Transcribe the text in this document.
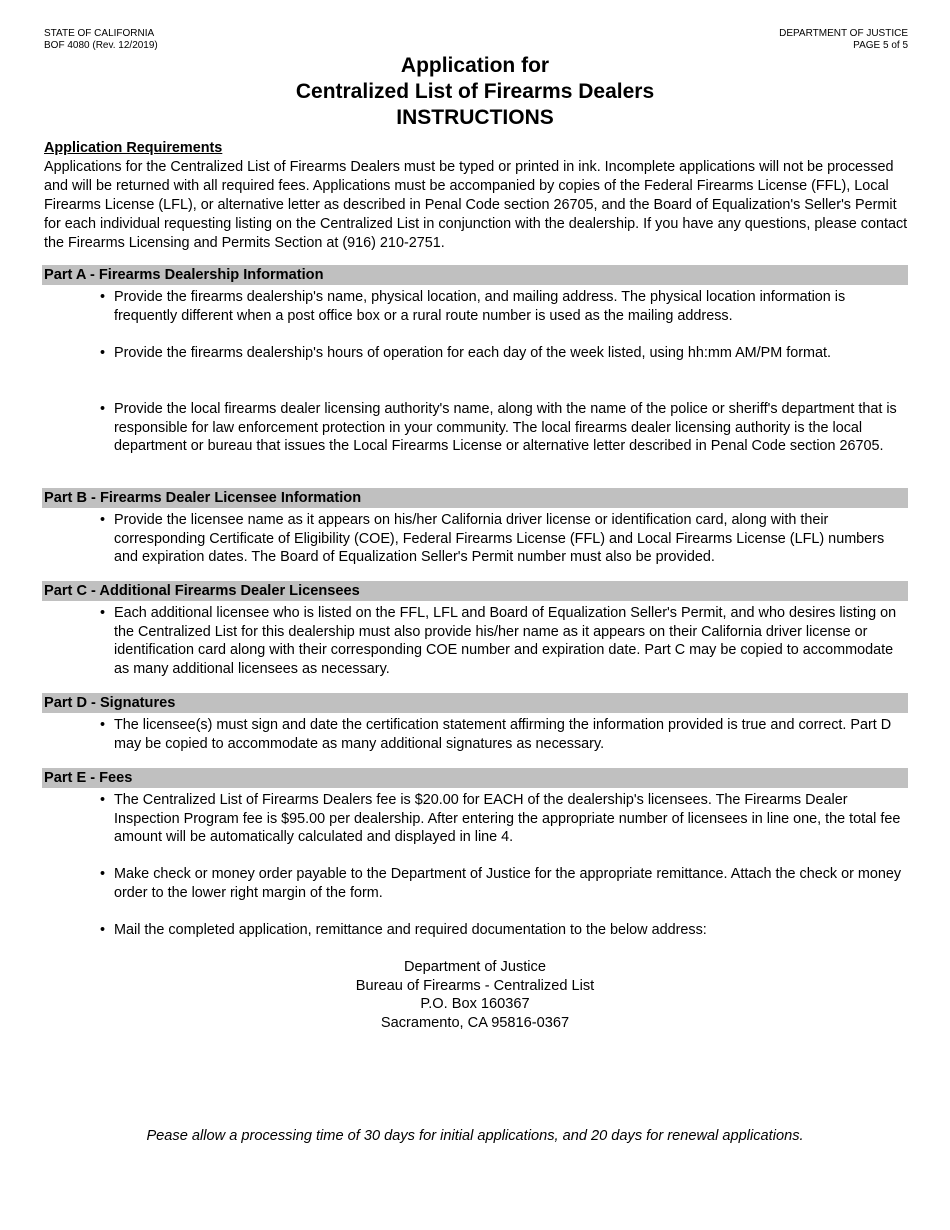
STATE OF CALIFORNIA
BOF 4080 (Rev. 12/2019)
DEPARTMENT OF JUSTICE
PAGE 5 of 5
Application for
Centralized List of Firearms Dealers
INSTRUCTIONS
Application Requirements
Applications for the Centralized List of Firearms Dealers must be typed or printed in ink. Incomplete applications will not be processed and will be returned with all required fees. Applications must be accompanied by copies of the Federal Firearms License (FFL), Local Firearms License (LFL), or alternative letter as described in Penal Code section 26705, and the Board of Equalization's Seller's Permit for each individual requesting listing on the Centralized List in conjunction with the dealership. If you have any questions, please contact the Firearms Licensing and Permits Section at (916) 210-2751.
Part A - Firearms Dealership Information
• Provide the firearms dealership's name, physical location, and mailing address. The physical location information is frequently different when a post office box or a rural route number is used as the mailing address.
• Provide the firearms dealership's hours of operation for each day of the week listed, using hh:mm AM/PM format.
• Provide the local firearms dealer licensing authority's name, along with the name of the police or sheriff's department that is responsible for law enforcement protection in your community. The local firearms dealer licensing authority is the local department or bureau that issues the Local Firearms License or alternative letter described in Penal Code section 26705.
Part B - Firearms Dealer Licensee Information
• Provide the licensee name as it appears on his/her California driver license or identification card, along with their corresponding Certificate of Eligibility (COE), Federal Firearms License (FFL) and Local Firearms License (LFL) numbers and expiration dates. The Board of Equalization Seller's Permit number must also be provided.
Part C - Additional Firearms Dealer Licensees
• Each additional licensee who is listed on the FFL, LFL and Board of Equalization Seller's Permit, and who desires listing on the Centralized List for this dealership must also provide his/her name as it appears on their California driver license or identification card along with their corresponding COE number and expiration date. Part C may be copied to accommodate as many additional licensees as necessary.
Part D - Signatures
• The licensee(s) must sign and date the certification statement affirming the information provided is true and correct. Part D may be copied to accommodate as many additional signatures as necessary.
Part E - Fees
• The Centralized List of Firearms Dealers fee is $20.00 for EACH of the dealership's licensees. The Firearms Dealer Inspection Program fee is $95.00 per dealership. After entering the appropriate number of licensees in line one, the total fee amount will be automatically calculated and displayed in line 4.
• Make check or money order payable to the Department of Justice for the appropriate remittance. Attach the check or money order to the lower right margin of the form.
• Mail the completed application, remittance and required documentation to the below address:
Department of Justice
Bureau of Firearms - Centralized List
P.O. Box 160367
Sacramento, CA 95816-0367
Pease allow a processing time of 30 days for initial applications, and 20 days for renewal applications.
